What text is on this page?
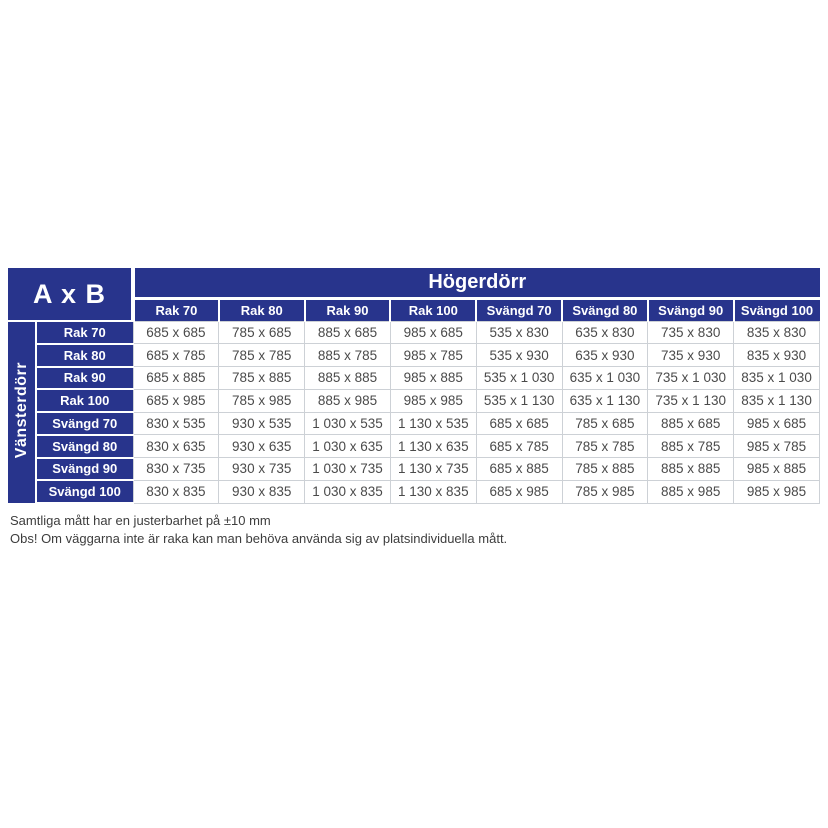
A x B		Högerdörr							
		Rak 70	Rak 80	Rak 90	Rak 100	Svängd 70	Svängd 80	Svängd 90	Svängd 100
Vänsterdörr	Rak 70	685 x 685	785 x 685	885 x 685	985 x 685	535 x 830	635 x 830	735 x 830	835 x 830
	Rak 80	685 x 785	785 x 785	885 x 785	985 x 785	535 x 930	635 x 930	735 x 930	835 x 930
	Rak 90	685 x 885	785 x 885	885 x 885	985 x 885	535 x 1 030	635 x 1 030	735 x 1 030	835 x 1 030
	Rak 100	685 x 985	785 x 985	885 x 985	985 x 985	535 x 1 130	635 x 1 130	735 x 1 130	835 x 1 130
	Svängd 70	830 x 535	930 x 535	1 030 x 535	1 130 x 535	685 x 685	785 x 685	885 x 685	985 x 685
	Svängd 80	830 x 635	930 x 635	1 030 x 635	1 130 x 635	685 x 785	785 x 785	885 x 785	985 x 785
	Svängd 90	830 x 735	930 x 735	1 030 x 735	1 130 x 735	685 x 885	785 x 885	885 x 885	985 x 885
	Svängd 100	830 x 835	930 x 835	1 030 x 835	1 130 x 835	685 x 985	785 x 985	885 x 985	985 x 985
Samtliga mått har en justerbarhet på ±10 mm
Obs! Om väggarna inte är raka kan man behöva använda sig av platsindividuella mått.
